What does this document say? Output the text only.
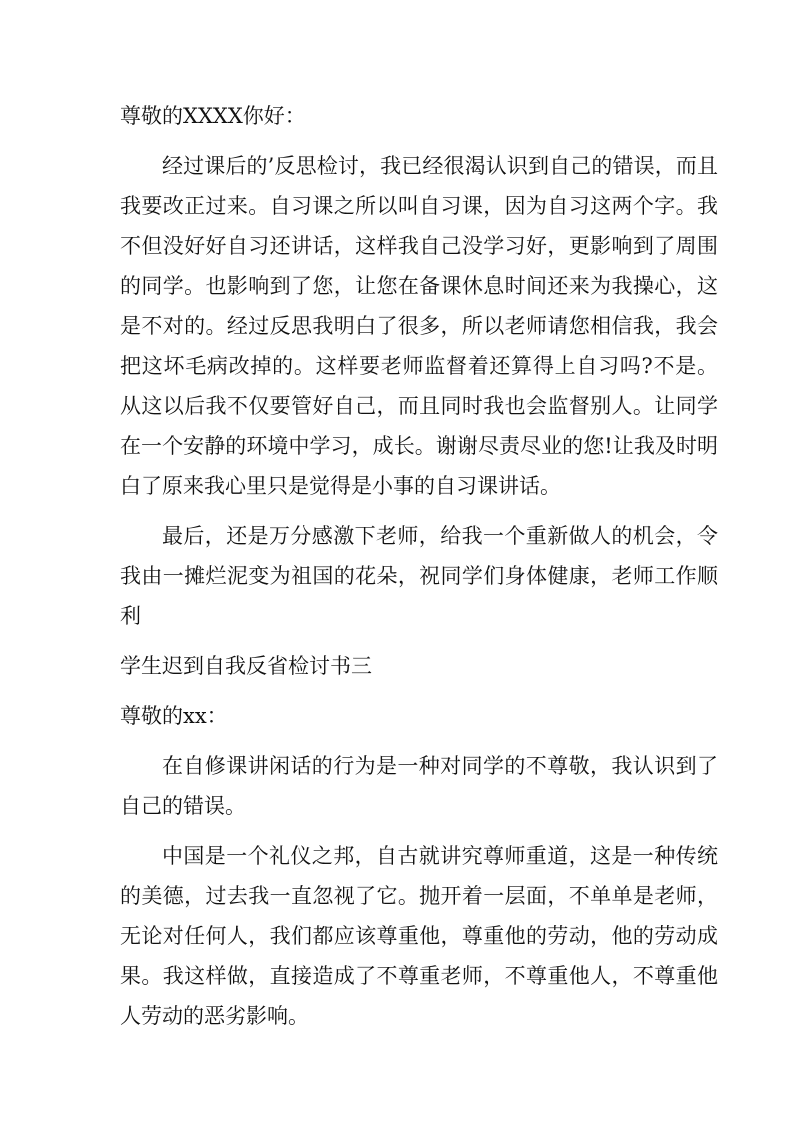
尊敬的XXXX你好：

经过课后的’反思检讨，我已经很渴认识到自己的错误，而且我要改正过来。自习课之所以叫自习课，因为自习这两个字。我不但没好好自习还讲话，这样我自己没学习好，更影响到了周围的同学。也影响到了您，让您在备课休息时间还来为我操心，这是不对的。经过反思我明白了很多，所以老师请您相信我，我会把这坏毛病改掉的。这样要老师监督着还算得上自习吗?不是。从这以后我不仅要管好自己，而且同时我也会监督别人。让同学在一个安静的环境中学习，成长。谢谢尽责尽业的您!让我及时明白了原来我心里只是觉得是小事的自习课讲话。

最后，还是万分感激下老师，给我一个重新做人的机会，令我由一摊烂泥变为祖国的花朵，祝同学们身体健康，老师工作顺利

学生迟到自我反省检讨书三

尊敬的xx：

在自修课讲闲话的行为是一种对同学的不尊敬，我认识到了自己的错误。

中国是一个礼仪之邦，自古就讲究尊师重道，这是一种传统的美德，过去我一直忽视了它。抛开着一层面，不单单是老师，无论对任何人，我们都应该尊重他，尊重他的劳动，他的劳动成果。我这样做，直接造成了不尊重老师，不尊重他人，不尊重他人劳动的恶劣影响。
